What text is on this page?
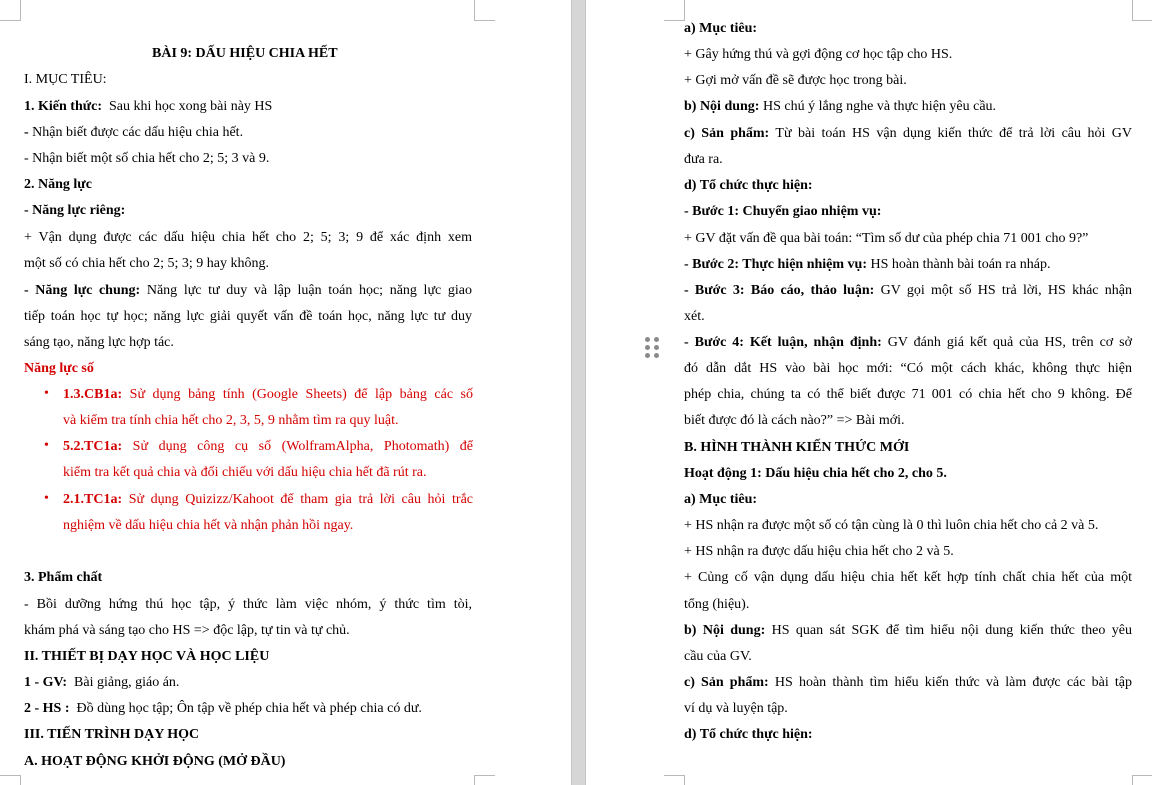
BÀI 9: DẤU HIỆU CHIA HẾT
I. MỤC TIÊU:
1. Kiến thức: Sau khi học xong bài này HS
- Nhận biết được các dấu hiệu chia hết.
- Nhận biết một số chia hết cho 2; 5; 3 và 9.
2. Năng lực
- Năng lực riêng:
+ Vận dụng được các dấu hiệu chia hết cho 2; 5; 3; 9 để xác định xem
một số có chia hết cho 2; 5; 3; 9 hay không.
- Năng lực chung: Năng lực tư duy và lập luận toán học; năng lực giao
tiếp toán học tự học; năng lực giải quyết vấn đề toán học, năng lực tư duy
sáng tạo, năng lực hợp tác.
Năng lực số
• 1.3.CB1a: Sử dụng bảng tính (Google Sheets) để lập bảng các số
và kiểm tra tính chia hết cho 2, 3, 5, 9 nhằm tìm ra quy luật.
• 5.2.TC1a: Sử dụng công cụ số (WolframAlpha, Photomath) để
kiểm tra kết quả chia và đối chiếu với dấu hiệu chia hết đã rút ra.
• 2.1.TC1a: Sử dụng Quizizz/Kahoot để tham gia trả lời câu hỏi trắc
nghiệm về dấu hiệu chia hết và nhận phản hồi ngay.
3. Phẩm chất
- Bồi dưỡng hứng thú học tập, ý thức làm việc nhóm, ý thức tìm tòi,
khám phá và sáng tạo cho HS => độc lập, tự tin và tự chủ.
II. THIẾT BỊ DẠY HỌC VÀ HỌC LIỆU
1 - GV: Bài giảng, giáo án.
2 - HS : Đồ dùng học tập; Ôn tập về phép chia hết và phép chia có dư.
III. TIẾN TRÌNH DẠY HỌC
A. HOẠT ĐỘNG KHỞI ĐỘNG (MỞ ĐẦU)
a) Mục tiêu:
+ Gây hứng thú và gợi động cơ học tập cho HS.
+ Gợi mở vấn đề sẽ được học trong bài.
b) Nội dung: HS chú ý lắng nghe và thực hiện yêu cầu.
c) Sản phẩm: Từ bài toán HS vận dụng kiến thức để trả lời câu hỏi GV
đưa ra.
d) Tổ chức thực hiện:
- Bước 1: Chuyển giao nhiệm vụ:
+ GV đặt vấn đề qua bài toán: “Tìm số dư của phép chia 71 001 cho 9?”
- Bước 2: Thực hiện nhiệm vụ: HS hoàn thành bài toán ra nháp.
- Bước 3: Báo cáo, thảo luận: GV gọi một số HS trả lời, HS khác nhận
xét.
- Bước 4: Kết luận, nhận định: GV đánh giá kết quả của HS, trên cơ sở
đó dẫn dắt HS vào bài học mới: “Có một cách khác, không thực hiện
phép chia, chúng ta có thể biết được 71 001 có chia hết cho 9 không. Để
biết được đó là cách nào?” => Bài mới.
B. HÌNH THÀNH KIẾN THỨC MỚI
Hoạt động 1: Dấu hiệu chia hết cho 2, cho 5.
a) Mục tiêu:
+ HS nhận ra được một số có tận cùng là 0 thì luôn chia hết cho cả 2 và 5.
+ HS nhận ra được dấu hiệu chia hết cho 2 và 5.
+ Củng cố vận dụng dấu hiệu chia hết kết hợp tính chất chia hết của một
tổng (hiệu).
b) Nội dung: HS quan sát SGK để tìm hiểu nội dung kiến thức theo yêu
cầu của GV.
c) Sản phẩm: HS hoàn thành tìm hiểu kiến thức và làm được các bài tập
ví dụ và luyện tập.
d) Tổ chức thực hiện:
